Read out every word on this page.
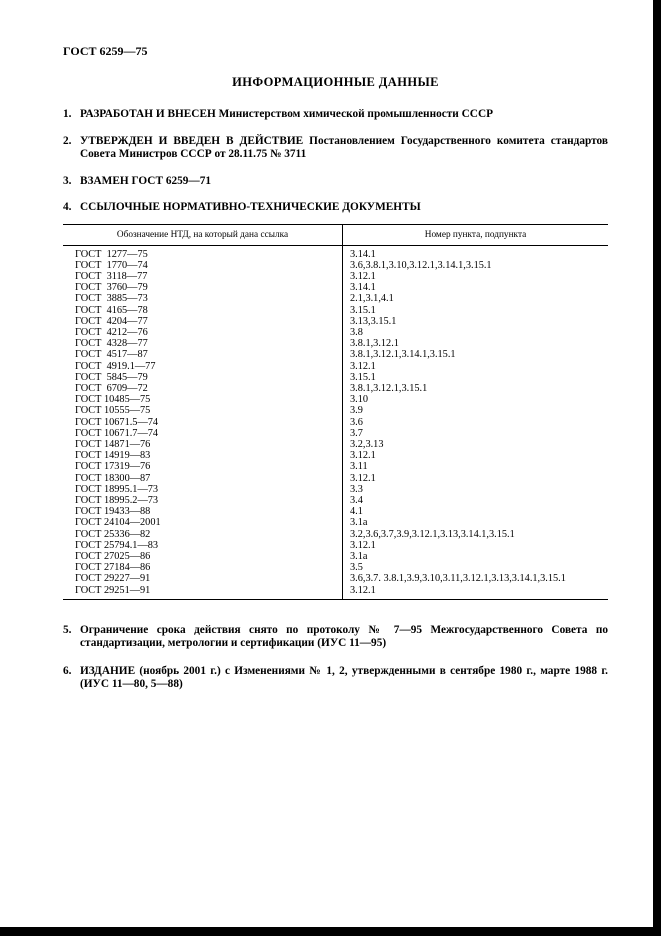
ГОСТ 6259—75
ИНФОРМАЦИОННЫЕ ДАННЫЕ
1. РАЗРАБОТАН И ВНЕСЕН Министерством химической промышленности СССР
2. УТВЕРЖДЕН И ВВЕДЕН В ДЕЙСТВИЕ Постановлением Государственного комитета стандартов Совета Министров СССР от 28.11.75 № 3711
3. ВЗАМЕН ГОСТ 6259—71
4. ССЫЛОЧНЫЕ НОРМАТИВНО-ТЕХНИЧЕСКИЕ ДОКУМЕНТЫ
Обозначение НТД, на который дана ссылка	Номер пункта, подпункта
ГОСТ  1277—75	3.14.1
ГОСТ  1770—74	3.6,3.8.1,3.10,3.12.1,3.14.1,3.15.1
ГОСТ  3118—77	3.12.1
ГОСТ  3760—79	3.14.1
ГОСТ  3885—73	2.1,3.1,4.1
ГОСТ  4165—78	3.15.1
ГОСТ  4204—77	3.13,3.15.1
ГОСТ  4212—76	3.8
ГОСТ  4328—77	3.8.1,3.12.1
ГОСТ  4517—87	3.8.1,3.12.1,3.14.1,3.15.1
ГОСТ  4919.1—77	3.12.1
ГОСТ  5845—79	3.15.1
ГОСТ  6709—72	3.8.1,3.12.1,3.15.1
ГОСТ 10485—75	3.10
ГОСТ 10555—75	3.9
ГОСТ 10671.5—74	3.6
ГОСТ 10671.7—74	3.7
ГОСТ 14871—76	3.2,3.13
ГОСТ 14919—83	3.12.1
ГОСТ 17319—76	3.11
ГОСТ 18300—87	3.12.1
ГОСТ 18995.1—73	3.3
ГОСТ 18995.2—73	3.4
ГОСТ 19433—88	4.1
ГОСТ 24104—2001	3.1а
ГОСТ 25336—82	3.2,3.6,3.7,3.9,3.12.1,3.13,3.14.1,3.15.1
ГОСТ 25794.1—83	3.12.1
ГОСТ 27025—86	3.1а
ГОСТ 27184—86	3.5
ГОСТ 29227—91	3.6,3.7. 3.8.1,3.9,3.10,3.11,3.12.1,3.13,3.14.1,3.15.1
ГОСТ 29251—91	3.12.1
5. Ограничение срока действия снято по протоколу № 7—95 Межгосударственного Совета по стандартизации, метрологии и сертификации (ИУС 11—95)
6. ИЗДАНИЕ (ноябрь 2001 г.) с Изменениями № 1, 2, утвержденными в сентябре 1980 г., марте 1988 г. (ИУС 11—80, 5—88)
